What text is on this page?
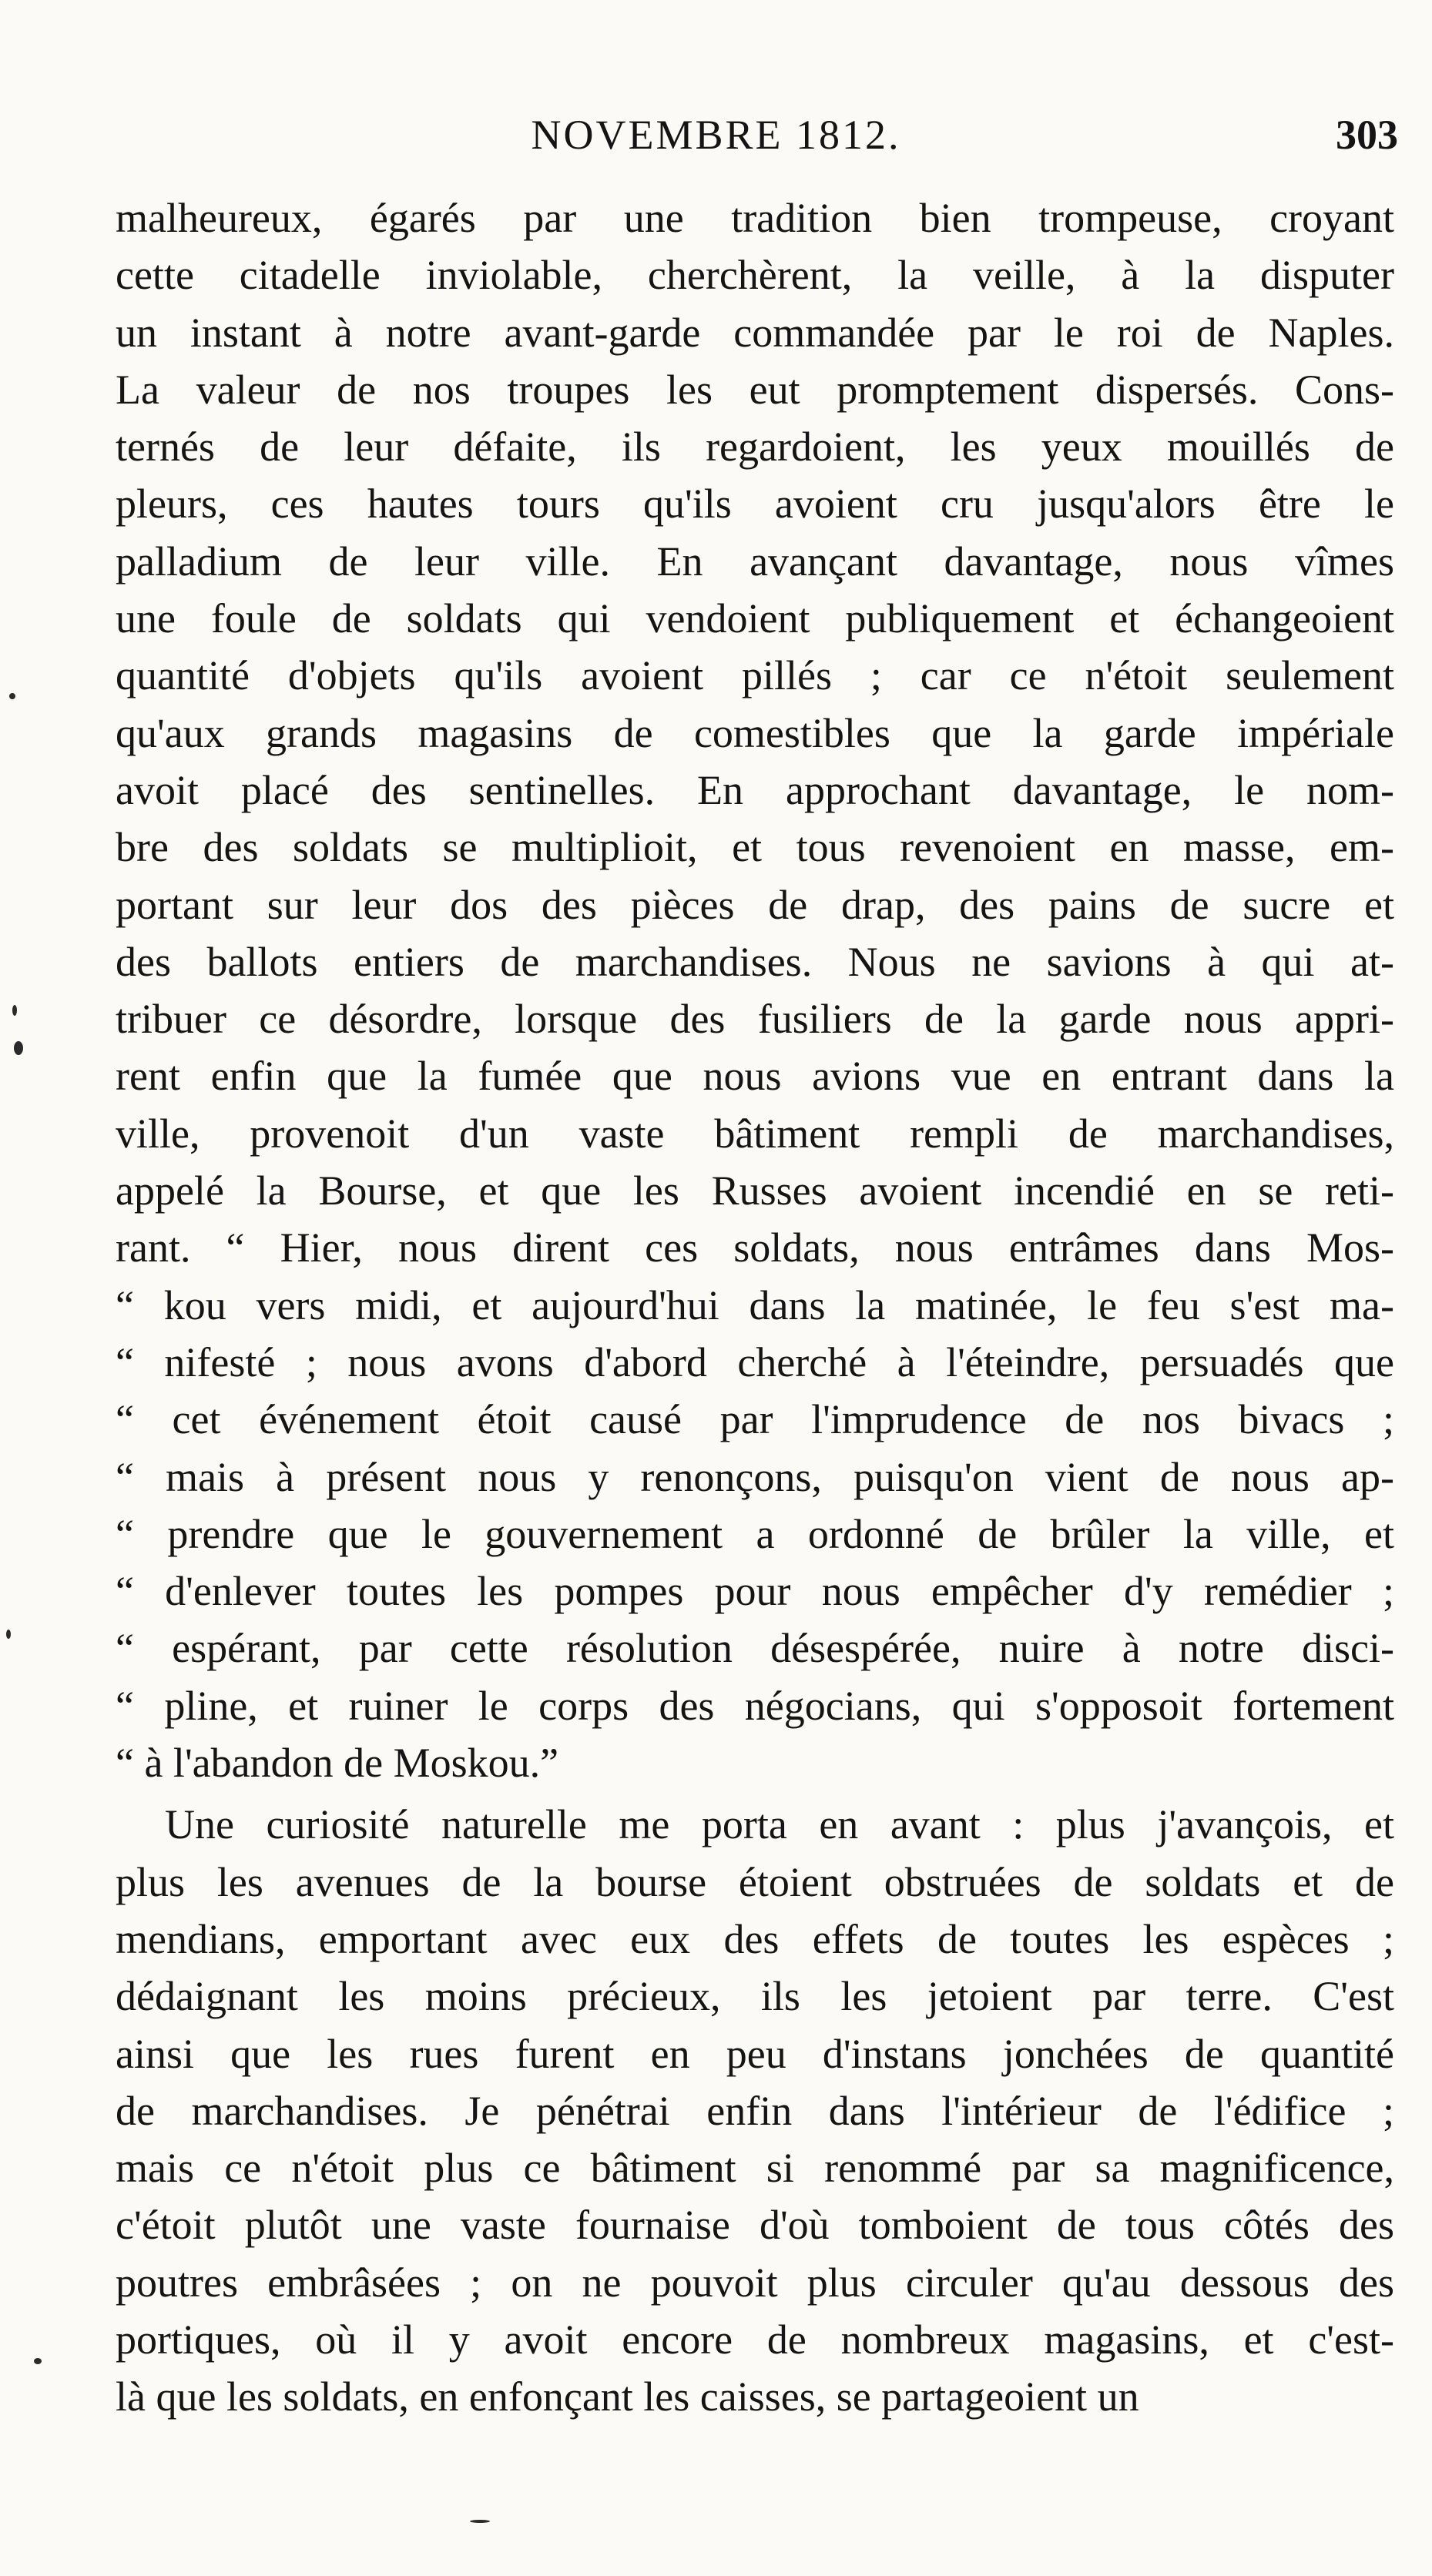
NOVEMBRE 1812.	303

malheureux, égarés par une tradition bien trompeuse, croyant
cette citadelle inviolable, cherchèrent, la veille, à la disputer
un instant à notre avant-garde commandée par le roi de Naples.
La valeur de nos troupes les eut promptement dispersés. Cons-
ternés de leur défaite, ils regardoient, les yeux mouillés de
pleurs, ces hautes tours qu'ils avoient cru jusqu'alors être le
palladium de leur ville. En avançant davantage, nous vîmes
une foule de soldats qui vendoient publiquement et échangeoient
quantité d'objets qu'ils avoient pillés ; car ce n'étoit seulement
qu'aux grands magasins de comestibles que la garde impériale
avoit placé des sentinelles. En approchant davantage, le nom-
bre des soldats se multiplioit, et tous revenoient en masse, em-
portant sur leur dos des pièces de drap, des pains de sucre et
des ballots entiers de marchandises. Nous ne savions à qui at-
tribuer ce désordre, lorsque des fusiliers de la garde nous appri-
rent enfin que la fumée que nous avions vue en entrant dans la
ville, provenoit d'un vaste bâtiment rempli de marchandises,
appelé la Bourse, et que les Russes avoient incendié en se reti-
rant. “ Hier, nous dirent ces soldats, nous entrâmes dans Mos-
“ kou vers midi, et aujourd'hui dans la matinée, le feu s'est ma-
“ nifesté ; nous avons d'abord cherché à l'éteindre, persuadés que
“ cet événement étoit causé par l'imprudence de nos bivacs ;
“ mais à présent nous y renonçons, puisqu'on vient de nous ap-
“ prendre que le gouvernement a ordonné de brûler la ville, et
“ d'enlever toutes les pompes pour nous empêcher d'y remédier ;
“ espérant, par cette résolution désespérée, nuire à notre disci-
“ pline, et ruiner le corps des négocians, qui s'opposoit fortement
“ à l'abandon de Moskou.”

Une curiosité naturelle me porta en avant : plus j'avançois, et
plus les avenues de la bourse étoient obstruées de soldats et de
mendians, emportant avec eux des effets de toutes les espèces ;
dédaignant les moins précieux, ils les jetoient par terre. C'est
ainsi que les rues furent en peu d'instans jonchées de quantité
de marchandises. Je pénétrai enfin dans l'intérieur de l'édifice ;
mais ce n'étoit plus ce bâtiment si renommé par sa magnificence,
c'étoit plutôt une vaste fournaise d'où tomboient de tous côtés des
poutres embrâsées ; on ne pouvoit plus circuler qu'au dessous des
portiques, où il y avoit encore de nombreux magasins, et c'est-
là que les soldats, en enfonçant les caisses, se partageoient un
